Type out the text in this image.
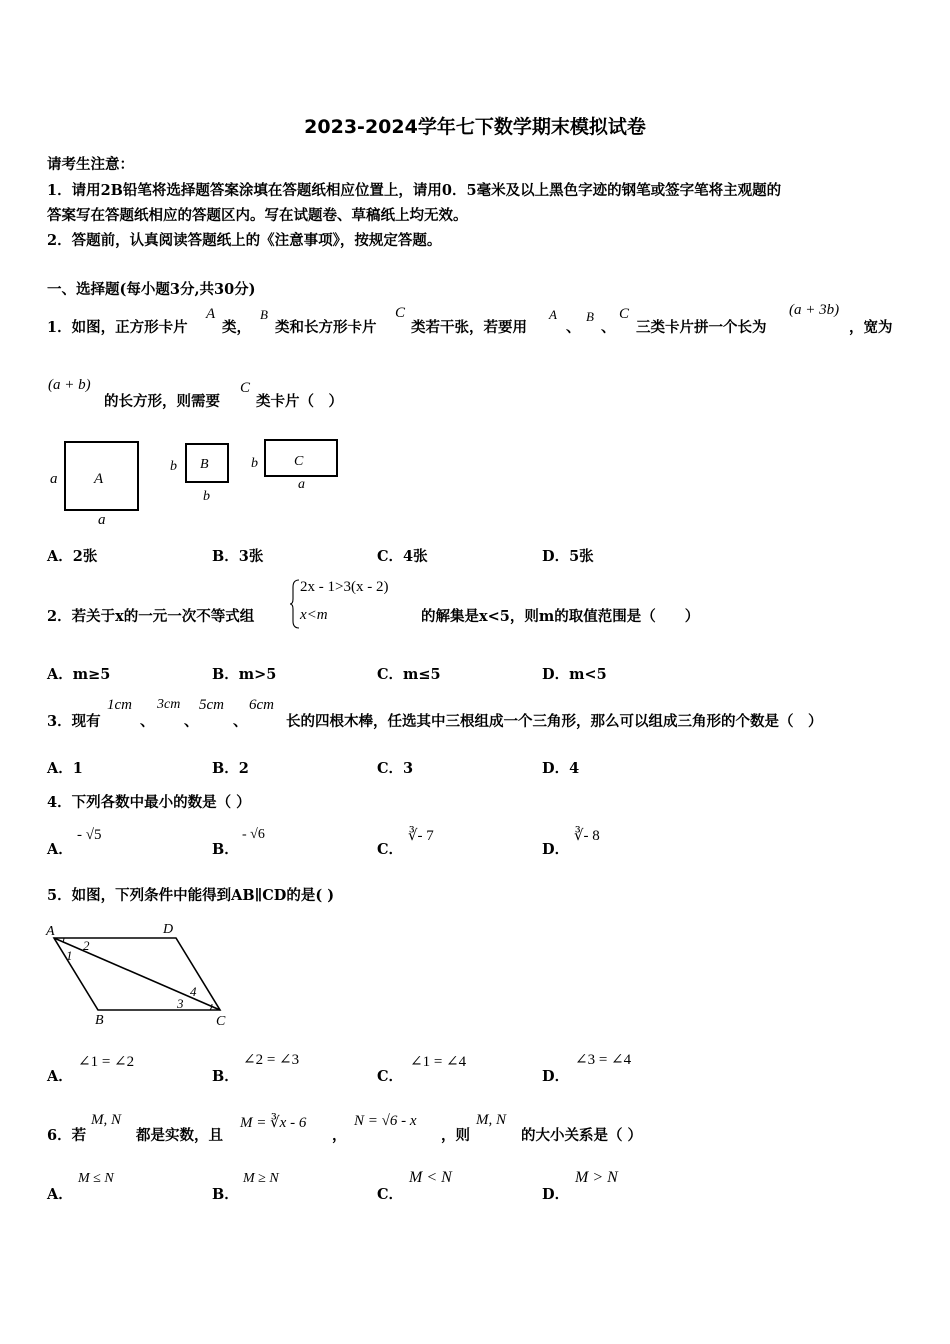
2023-2024学年七下数学期末模拟试卷
请考生注意：
1．请用2B铅笔将选择题答案涂填在答题纸相应位置上，请用0．5毫米及以上黑色字迹的钢笔或签字笔将主观题的
答案写在答题纸相应的答题区内。写在试题卷、草稿纸上均无效。
2．答题前，认真阅读答题纸上的《注意事项》，按规定答题。
一、选择题(每小题3分,共30分)
1．如图，正方形卡片
A
类，
B
类和长方形卡片
C
类若干张，若要用
A
、
B
、
C
三类卡片拼一个长为
(a + 3b)
，宽为
(a + b)
的长方形，则需要
C
类卡片（　）
A
a
a
B
b
b
C
b
a
A．2张	B．3张	C．4张	D．5张
2．若关于x的一元一次不等式组
2x - 1>3(x - 2)
x<m	的解集是x<5，则m的取值范围是（　　）
A．m≥5	B．m>5	C．m≤5	D．m<5
3．现有
1cm
、
3cm
、
5cm
、
6cm
长的四根木棒，任选其中三根组成一个三角形，那么可以组成三角形的个数是（　）
A．1	B．2	C．3	D．4
4．下列各数中最小的数是（ ）
A．
- √5
B．
- √6
C．
∛- 7
D．
∛- 8
5．如图，下列条件中能得到AB∥CD的是( )
A	D
B	C
1
2
3
4
A．
∠1 = ∠2
B．
∠2 = ∠3
C．
∠1 = ∠4
D．
∠3 = ∠4
6．若
M, N
都是实数，且
M = ∛x - 6
，
N = √6 - x
，则
M, N
的大小关系是（ ）
A．
M ≤ N
B．
M ≥ N
C．
M < N
D．
M > N
